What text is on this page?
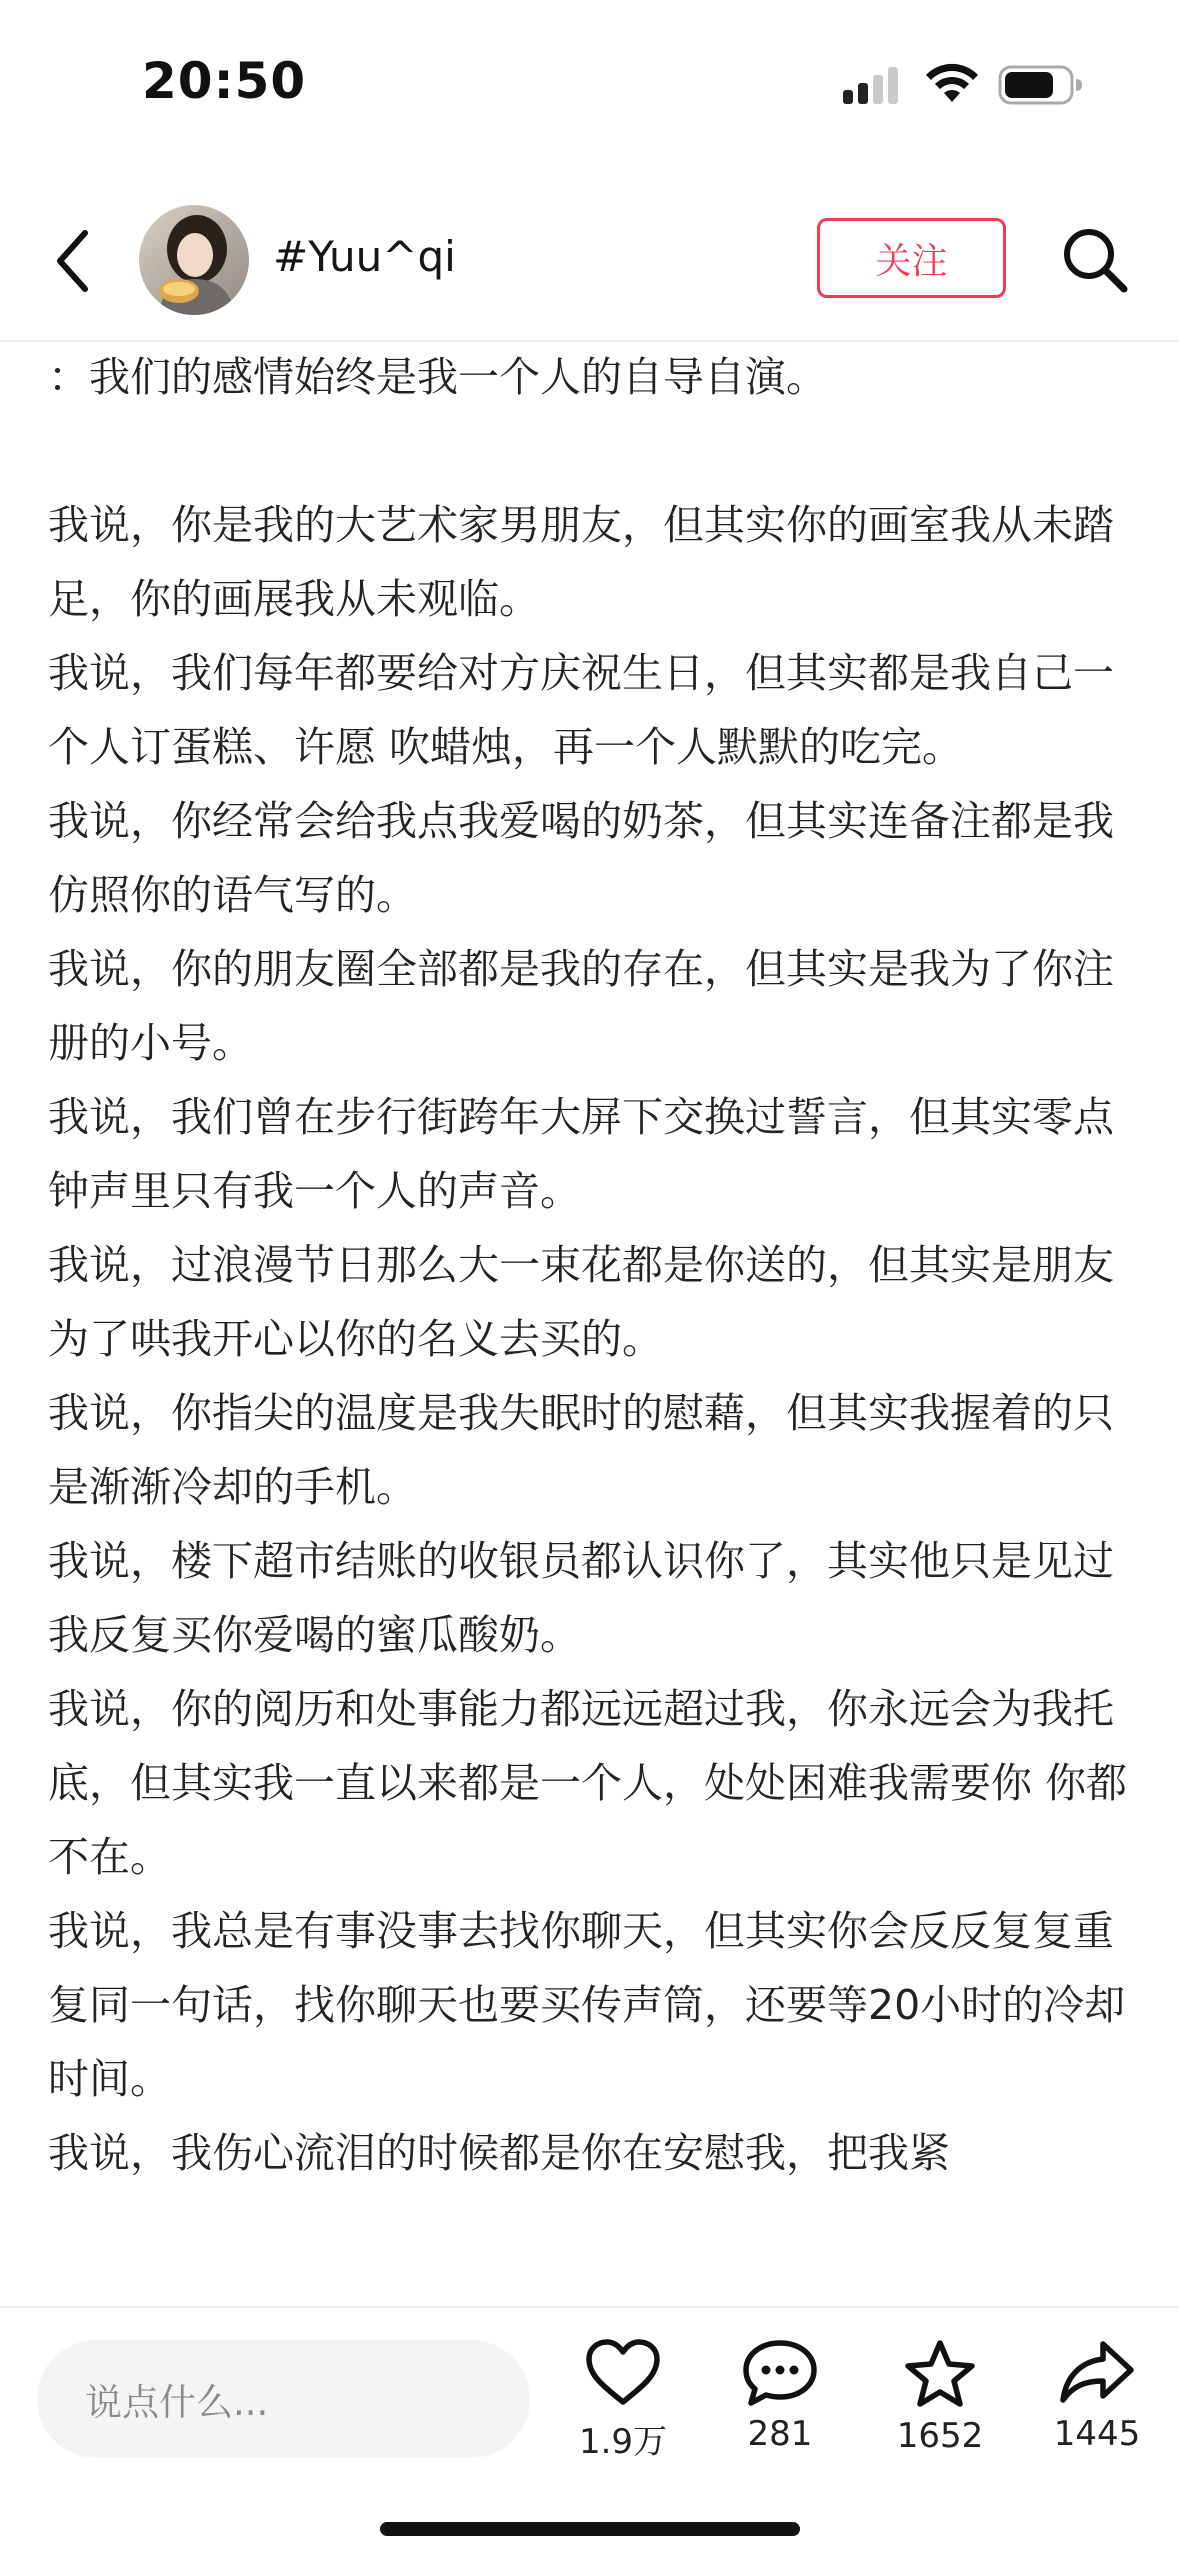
20:50
#Yuu^qi	关注

：我们的感情始终是我一个人的自导自演。

我说，你是我的大艺术家男朋友，但其实你的画室我从未踏足，你的画展我从未观临。

我说，我们每年都要给对方庆祝生日，但其实都是我自己一个人订蛋糕、许愿 吹蜡烛，再一个人默默的吃完。

我说，你经常会给我点我爱喝的奶茶，但其实连备注都是我仿照你的语气写的。

我说，你的朋友圈全部都是我的存在，但其实是我为了你注册的小号。

我说，我们曾在步行街跨年大屏下交换过誓言，但其实零点钟声里只有我一个人的声音。

我说，过浪漫节日那么大一束花都是你送的，但其实是朋友为了哄我开心以你的名义去买的。

我说，你指尖的温度是我失眠时的慰藉，但其实我握着的只是渐渐冷却的手机。

我说，楼下超市结账的收银员都认识你了，其实他只是见过我反复买你爱喝的蜜瓜酸奶。

我说，你的阅历和处事能力都远远超过我，你永远会为我托底，但其实我一直以来都是一个人，处处困难我需要你 你都不在。

我说，我总是有事没事去找你聊天，但其实你会反反复复重复同一句话，找你聊天也要买传声筒，还要等20小时的冷却时间。

我说，我伤心流泪的时候都是你在安慰我，把我紧

说点什么...
1.9万	281	1652	1445
